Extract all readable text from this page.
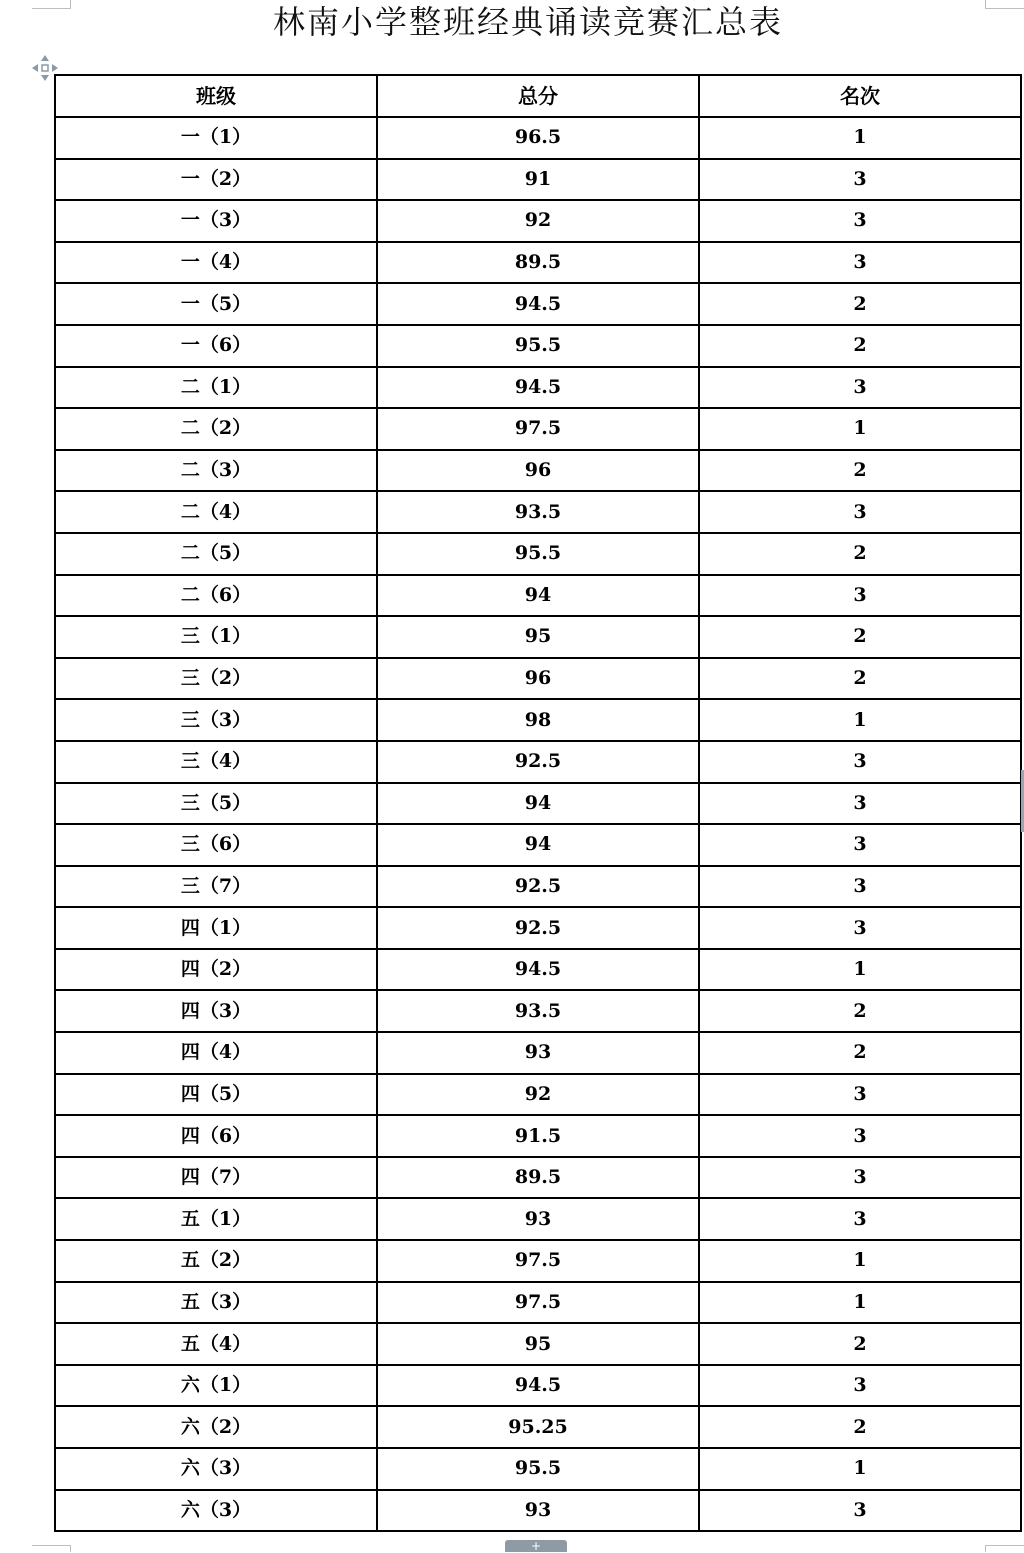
林南小学整班经典诵读竞赛汇总表
班级	总分	名次
一（1）	96.5	1
一（2）	91	3
一（3）	92	3
一（4）	89.5	3
一（5）	94.5	2
一（6）	95.5	2
二（1）	94.5	3
二（2）	97.5	1
二（3）	96	2
二（4）	93.5	3
二（5）	95.5	2
二（6）	94	3
三（1）	95	2
三（2）	96	2
三（3）	98	1
三（4）	92.5	3
三（5）	94	3
三（6）	94	3
三（7）	92.5	3
四（1）	92.5	3
四（2）	94.5	1
四（3）	93.5	2
四（4）	93	2
四（5）	92	3
四（6）	91.5	3
四（7）	89.5	3
五（1）	93	3
五（2）	97.5	1
五（3）	97.5	1
五（4）	95	2
六（1）	94.5	3
六（2）	95.25	2
六（3）	95.5	1
六（3）	93	3
+
